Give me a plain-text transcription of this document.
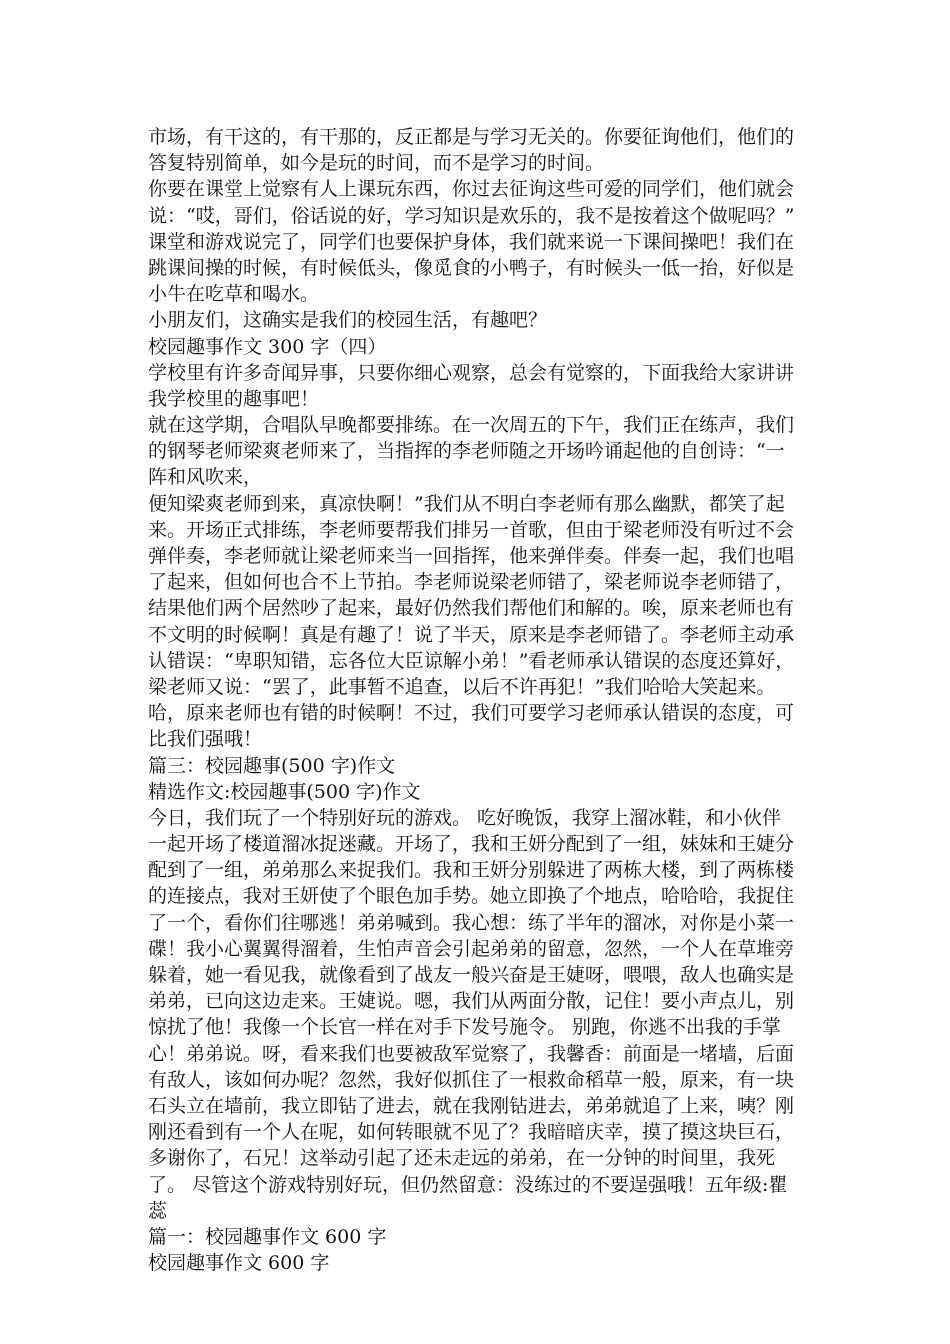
市场，有干这的，有干那的，反正都是与学习无关的。你要征询他们，他们的
答复特别简单，如今是玩的时间，而不是学习的时间。
你要在课堂上觉察有人上课玩东西，你过去征询这些可爱的同学们，他们就会
说：“哎，哥们，俗话说的好，学习知识是欢乐的，我不是按着这个做呢吗？”
课堂和游戏说完了，同学们也要保护身体，我们就来说一下课间操吧！我们在
跳课间操的时候，有时候低头，像觅食的小鸭子，有时候头一低一抬，好似是
小牛在吃草和喝水。
小朋友们，这确实是我们的校园生活，有趣吧？
校园趣事作文 300 字（四）
学校里有许多奇闻异事，只要你细心观察，总会有觉察的，下面我给大家讲讲
我学校里的趣事吧！
就在这学期，合唱队早晚都要排练。在一次周五的下午，我们正在练声，我们
的钢琴老师梁爽老师来了，当指挥的李老师随之开场吟诵起他的自创诗：“一
阵和风吹来，
便知梁爽老师到来，真凉快啊！”我们从不明白李老师有那么幽默，都笑了起
来。开场正式排练，李老师要帮我们排另一首歌，但由于梁老师没有听过不会
弹伴奏，李老师就让梁老师来当一回指挥，他来弹伴奏。伴奏一起，我们也唱
了起来，但如何也合不上节拍。李老师说梁老师错了，梁老师说李老师错了，
结果他们两个居然吵了起来，最好仍然我们帮他们和解的。唉，原来老师也有
不文明的时候啊！真是有趣了！说了半天，原来是李老师错了。李老师主动承
认错误：“卑职知错，忘各位大臣谅解小弟！”看老师承认错误的态度还算好，
梁老师又说：“罢了，此事暂不追查，以后不许再犯！”我们哈哈大笑起来。
哈，原来老师也有错的时候啊！不过，我们可要学习老师承认错误的态度，可
比我们强哦！
篇三：校园趣事(500 字)作文
精选作文:校园趣事(500 字)作文
今日，我们玩了一个特别好玩的游戏。 吃好晚饭，我穿上溜冰鞋，和小伙伴
一起开场了楼道溜冰捉迷藏。开场了，我和王妍分配到了一组，妹妹和王婕分
配到了一组，弟弟那么来捉我们。我和王妍分别躲进了两栋大楼，到了两栋楼
的连接点，我对王妍使了个眼色加手势。她立即换了个地点，哈哈哈，我捉住
了一个，看你们往哪逃！弟弟喊到。我心想：练了半年的溜冰，对你是小菜一
碟！我小心翼翼得溜着，生怕声音会引起弟弟的留意，忽然，一个人在草堆旁
躲着，她一看见我，就像看到了战友一般兴奋是王婕呀，喂喂，敌人也确实是
弟弟，已向这边走来。王婕说。嗯，我们从两面分散，记住！要小声点儿，别
惊扰了他！我像一个长官一样在对手下发号施令。 别跑，你逃不出我的手掌
心！弟弟说。呀，看来我们也要被敌军觉察了，我馨香：前面是一堵墙，后面
有敌人，该如何办呢？忽然，我好似抓住了一根救命稻草一般，原来，有一块
石头立在墙前，我立即钻了进去，就在我刚钻进去，弟弟就追了上来，咦？刚
刚还看到有一个人在呢，如何转眼就不见了？我暗暗庆幸，摸了摸这块巨石，
多谢你了，石兄！这举动引起了还未走远的弟弟，在一分钟的时间里，我死
了。 尽管这个游戏特别好玩，但仍然留意：没练过的不要逞强哦！五年级:瞿
蕊
篇一：校园趣事作文 600 字
校园趣事作文 600 字
